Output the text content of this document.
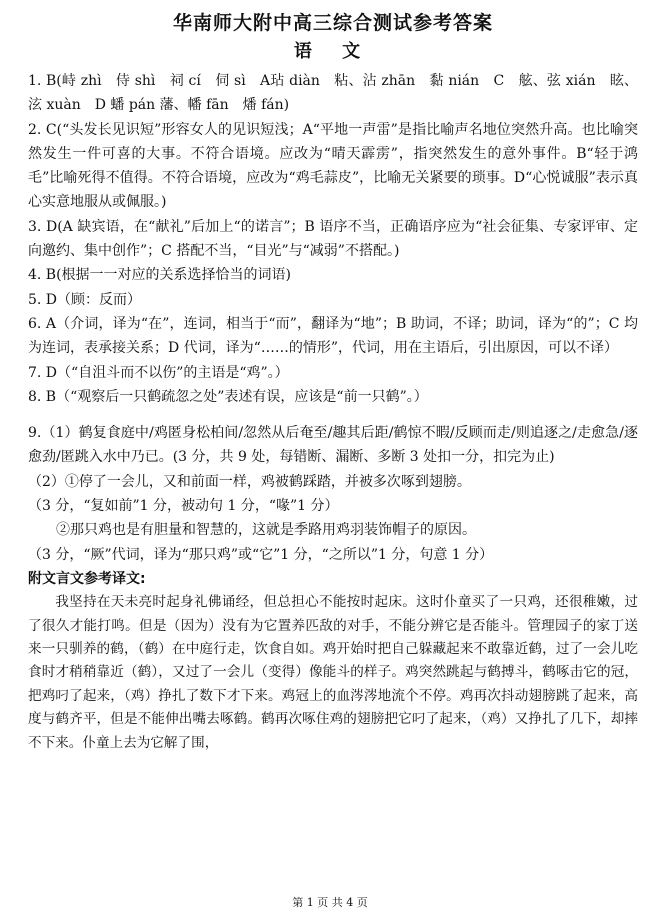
华南师大附中高三综合测试参考答案
语 文

1. B(峙 zhì　侍 shì　祠 cí　伺 sì　A玷 diàn　粘、沾 zhān　黏 nián　C　舷、弦 xián　眩、泫 xuàn　D 蟠 pán 藩、幡 fān　燔 fán)

2. C(“头发长见识短”形容女人的见识短浅；A“平地一声雷”是指比喻声名地位突然升高。也比喻突然发生一件可喜的大事。不符合语境。应改为“晴天霹雳”，指突然发生的意外事件。B“轻于鸿毛”比喻死得不值得。不符合语境，应改为“鸡毛蒜皮”，比喻无关紧要的琐事。D“心悦诚服”表示真心实意地服从或佩服。)

3. D(A 缺宾语，在“献礼”后加上“的诺言”；B 语序不当，正确语序应为“社会征集、专家评审、定向邀约、集中创作”；C 搭配不当，“目光”与“减弱”不搭配。)

4. B(根据一一对应的关系选择恰当的词语)

5. D（顾：反而）

6. A（介词，译为“在”，连词，相当于“而”，翻译为“地”；B 助词，不译；助词，译为“的”；C 均为连词，表承接关系；D 代词，译为“……的情形”，代词，用在主语后，引出原因，可以不译）

7. D（“自沮斗而不以伤”的主语是“鸡”。）

8. B（“观察后一只鹤疏忽之处”表述有误，应该是“前一只鹤”。）

9.（1）鹤复食庭中/鸡匿身松柏间/忽然从后奄至/趣其后距/鹤惊不暇/反顾而走/则追逐之/走愈急/逐愈劲/匿跳入水中乃已。(3 分，共 9 处，每错断、漏断、多断 3 处扣一分，扣完为止)

（2）①停了一会儿，又和前面一样，鸡被鹤踩踏，并被多次啄到翅膀。

（3 分，“复如前”1 分，被动句 1 分，“喙”1 分）

②那只鸡也是有胆量和智慧的，这就是季路用鸡羽装饰帽子的原因。

（3 分，“厥”代词，译为“那只鸡”或“它”1 分，“之所以”1 分，句意 1 分）

附文言文参考译文:

我坚持在天未亮时起身礼佛诵经，但总担心不能按时起床。这时仆童买了一只鸡，还很稚嫩，过了很久才能打鸣。但是（因为）没有为它置养匹敌的对手，不能分辨它是否能斗。管理园子的家丁送来一只驯养的鹤，（鹤）在中庭行走，饮食自如。鸡开始时把自己躲藏起来不敢靠近鹤，过了一会儿吃食时才稍稍靠近（鹤），又过了一会儿（变得）像能斗的样子。鸡突然跳起与鹤搏斗，鹤啄击它的冠，把鸡叼了起来，（鸡）挣扎了数下才下来。鸡冠上的血涔涔地流个不停。鸡再次抖动翅膀跳了起来，高度与鹤齐平，但是不能伸出嘴去啄鹤。鹤再次啄住鸡的翅膀把它叼了起来，（鸡）又挣扎了几下，却摔不下来。仆童上去为它解了围，

第 1 页 共 4 页
